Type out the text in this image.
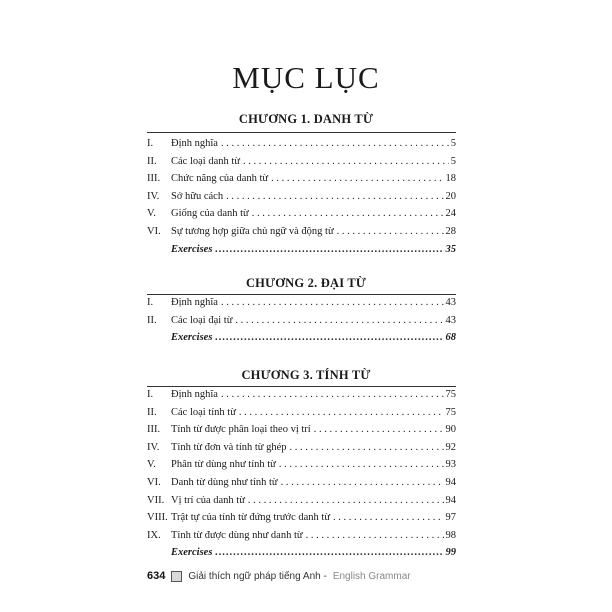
MỤC LỤC
CHƯƠNG 1. DANH TỪ
I.	Định nghĩa . . .	5
II.	Các loại danh từ . . .	5
III.	Chức năng của danh từ . . .	18
IV.	Sở hữu cách . . .	20
V.	Giống của danh từ . . .	24
VI. Sự tương hợp giữa chủ ngữ và động từ . . .	28
Exercises .....	35
CHƯƠNG 2. ĐẠI TỪ
I.	Định nghĩa . . .	43
II.	Các loại đại từ . . .	43
Exercises .....	68
CHƯƠNG 3. TÍNH TỪ
I.	Định nghĩa . . .	75
II.	Các loại tính từ . . .	75
III.	Tính từ được phân loại theo vị trí . . .	90
IV.	Tính từ đơn và tính từ ghép . . .	92
V.	Phân từ dùng như tính từ . . .	93
VI. Danh từ dùng như tính từ . . .	94
VII. Vị trí của danh từ . . .	94
VIII. Trật tự của tính từ đứng trước danh từ . . .	97
IX. Tính từ được dùng như danh từ . . .	98
Exercises .....	99
634 Giải thích ngữ pháp tiếng Anh - English Grammar
